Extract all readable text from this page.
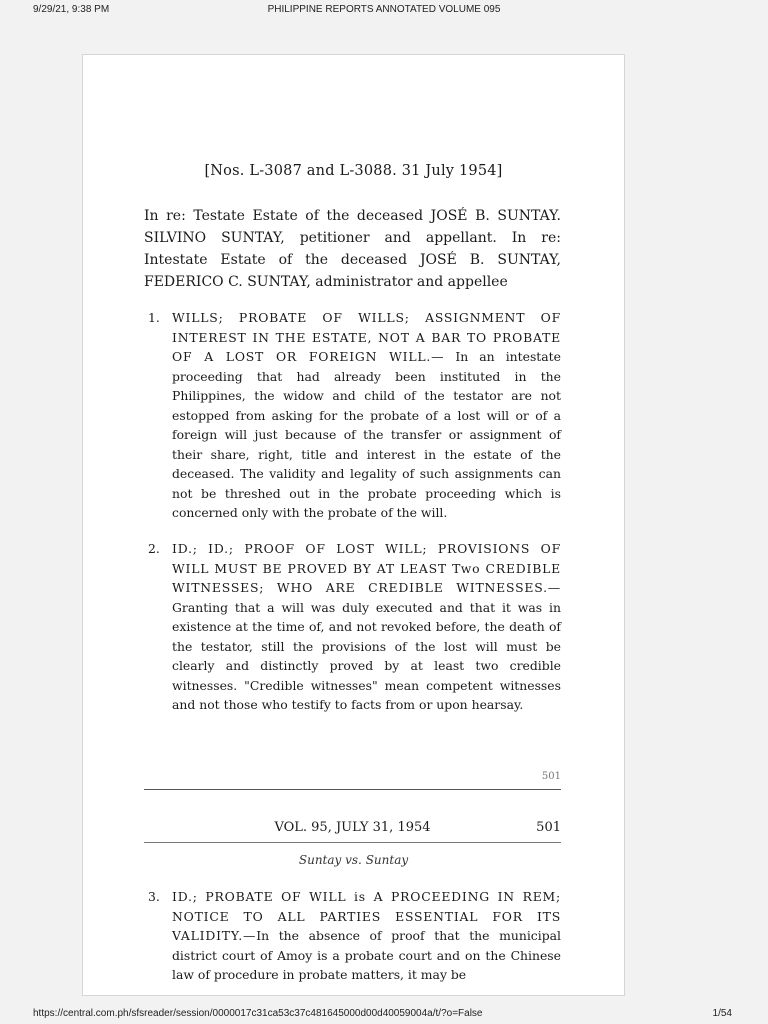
9/29/21, 9:38 PM	PHILIPPINE REPORTS ANNOTATED VOLUME 095
[Nos. L-3087 and L-3088. 31 July 1954]
In re: Testate Estate of the deceased JOSÉ B. SUNTAY. SILVINO SUNTAY, petitioner and appellant. In re: Intestate Estate of the deceased JOSÉ B. SUNTAY, FEDERICO C. SUNTAY, administrator and appellee
1. WILLS; PROBATE OF WILLS; ASSIGNMENT OF INTEREST IN THE ESTATE, NOT A BAR TO PROBATE OF A LOST OR FOREIGN WILL.— In an intestate proceeding that had already been instituted in the Philippines, the widow and child of the testator are not estopped from asking for the probate of a lost will or of a foreign will just because of the transfer or assignment of their share, right, title and interest in the estate of the deceased. The validity and legality of such assignments can not be threshed out in the probate proceeding which is concerned only with the probate of the will.
2. ID.; ID.; PROOF OF LOST WILL; PROVISIONS OF WILL MUST BE PROVED BY AT LEAST Two CREDIBLE WITNESSES; WHO ARE CREDIBLE WITNESSES.—Granting that a will was duly executed and that it was in existence at the time of, and not revoked before, the death of the testator, still the provisions of the lost will must be clearly and distinctly proved by at least two credible witnesses. "Credible witnesses" mean competent witnesses and not those who testify to facts from or upon hearsay.
501
VOL. 95, JULY 31, 1954	501
Suntay vs. Suntay
3. ID.; PROBATE OF WILL is A PROCEEDING IN REM; NOTICE TO ALL PARTIES ESSENTIAL FOR ITS VALIDITY.—In the absence of proof that the municipal district court of Amoy is a probate court and on the Chinese law of procedure in probate matters, it may be
https://central.com.ph/sfsreader/session/0000017c31ca53c37c481645000d00d40059004a/t/?o=False	1/54
